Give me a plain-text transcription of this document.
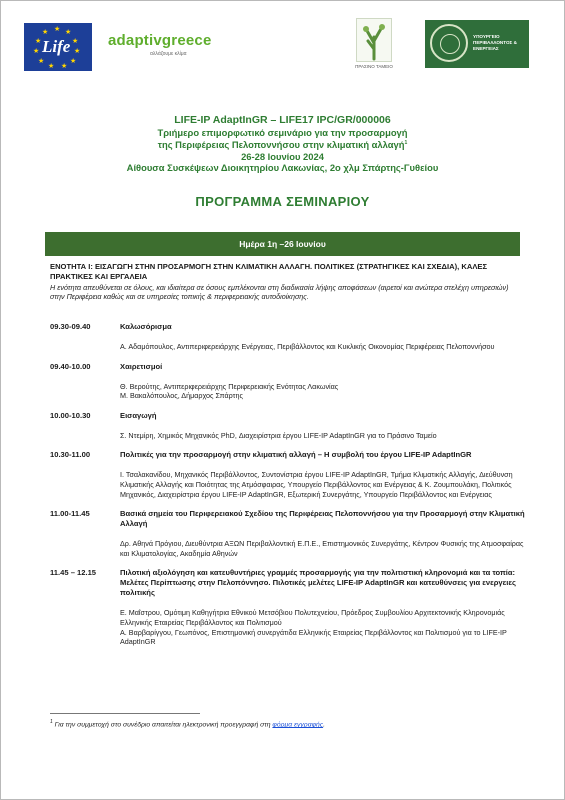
★ ★
★
★
★
★
★
★
★
★
★
Life	adaptivgreece
αλλάζουμε κλίμα
ΠΡΑΣΙΝΟ ΤΑΜΕΙΟ
ΥΠΟΥΡΓΕΙΟ ΠΕΡΙΒΑΛΛΟΝΤΟΣ & ΕΝΕΡΓΕΙΑΣ
LIFE-IP AdaptInGR – LIFE17 IPC/GR/000006
Τριήμερο επιμορφωτικό σεμινάριο για την προσαρμογή
της Περιφέρειας Πελοποννήσου στην κλιματική αλλαγή$^1$
26-28 Ιουνίου 2024
Αίθουσα Συσκέψεων Διοικητηρίου Λακωνίας, 2ο χλμ Σπάρτης-Γυθείου
ΠΡΟΓΡΑΜΜΑ ΣΕΜΙΝΑΡΙΟΥ
Ημέρα 1η –26 Ιουνίου
ΕΝΟΤΗΤΑ Ι: ΕΙΣΑΓΩΓΗ ΣΤΗΝ ΠΡΟΣΑΡΜΟΓΗ ΣΤΗΝ ΚΛΙΜΑΤΙΚΗ ΑΛΛΑΓΗ. ΠΟΛΙΤΙΚΕΣ (ΣΤΡΑΤΗΓΙΚΕΣ ΚΑΙ ΣΧΕΔΙΑ), ΚΑΛΕΣ ΠΡΑΚΤΙΚΕΣ ΚΑΙ ΕΡΓΑΛΕΙΑ
Η ενότητα απευθύνεται σε όλους, και ιδιαίτερα σε όσους εμπλέκονται στη διαδικασία λήψης αποφάσεων (αιρετοί και ανώτερα στελέχη υπηρεσιών) στην Περιφέρεια καθώς και σε υπηρεσίες τοπικής & περιφερειακής αυτοδιοίκησης.
09.30-09.40	Καλωσόρισμα
Α. Αδαμόπουλος, Αντιπεριφερειάρχης Ενέργειας, Περιβάλλοντος και Κυκλικής Οικονομίας Περιφέρειας Πελοποννήσου
09.40-10.00	Χαιρετισμοί
Θ. Βερούτης, Αντιπεριφερειάρχης Περιφερειακής Ενότητας Λακωνίας
Μ. Βακαλόπουλος, Δήμαρχος Σπάρτης
10.00-10.30	Εισαγωγή
Σ. Ντεμίρη, Χημικός Μηχανικός PhD, Διαχειρίστρια έργου LIFE-IP AdaptInGR για το Πράσινο Ταμείο
10.30-11.00	Πολιτικές για την προσαρμογή στην κλιματική αλλαγή – Η συμβολή του έργου LIFE-IP AdaptInGR
Ι. Τσαλακανίδου, Μηχανικός Περιβάλλοντος, Συντονίστρια έργου LIFE-IP AdaptInGR, Τμήμα Κλιματικής Αλλαγής, Διεύθυνση Κλιματικής Αλλαγής και Ποιότητας της Ατμόσφαιρας, Υπουργείο Περιβάλλοντος και Ενέργειας & Κ. Ζουμπουλάκη, Πολιτικός Μηχανικός, Διαχειρίστρια έργου LIFE-IP AdaptInGR, Εξωτερική Συνεργάτης, Υπουργείο Περιβάλλοντος και Ενέργειας
11.00-11.45	Βασικά σημεία του Περιφερειακού Σχεδίου της Περιφέρειας Πελοποννήσου για την Προσαρμογή στην Κλιματική Αλλαγή
Δρ. Αθηνά Πρόγιου, Διευθύντρια ΑΞΩΝ Περιβαλλοντική Ε.Π.Ε., Επιστημονικός Συνεργάτης, Κέντρον Φυσικής της Ατμοσφαίρας και Κλιματολογίας, Ακαδημία Αθηνών
11.45 – 12.15	Πιλοτική αξιολόγηση και κατευθυντήριες γραμμές προσαρμογής για την πολιτιστική κληρονομιά και τα τοπία: Μελέτες Περίπτωσης στην Πελοπόννησο. Πιλοτικές μελέτες LIFE-IP AdaptInGR και κατευθύνσεις για ενεργειες πολιτικής
Ε. Μαΐστρου, Ομότιμη Καθηγήτρια Εθνικού Μετσόβιου Πολυτεχνείου, Πρόεδρος Συμβουλίου Αρχιτεκτονικής Κληρονομιάς Ελληνικής Εταιρείας Περιβάλλοντος και Πολιτισμού
Α. Βαρβαρίγγου, Γεωπόνος, Επιστημονική συνεργάτιδα Ελληνικής Εταιρείας Περιβάλλοντος και Πολιτισμού για το LIFE-IP AdaptInGR
$^1$ Για την συμμετοχή στο συνέδριο απαιτείται ηλεκτρονική προεγγραφή στη φόρμα εγγραφής.
